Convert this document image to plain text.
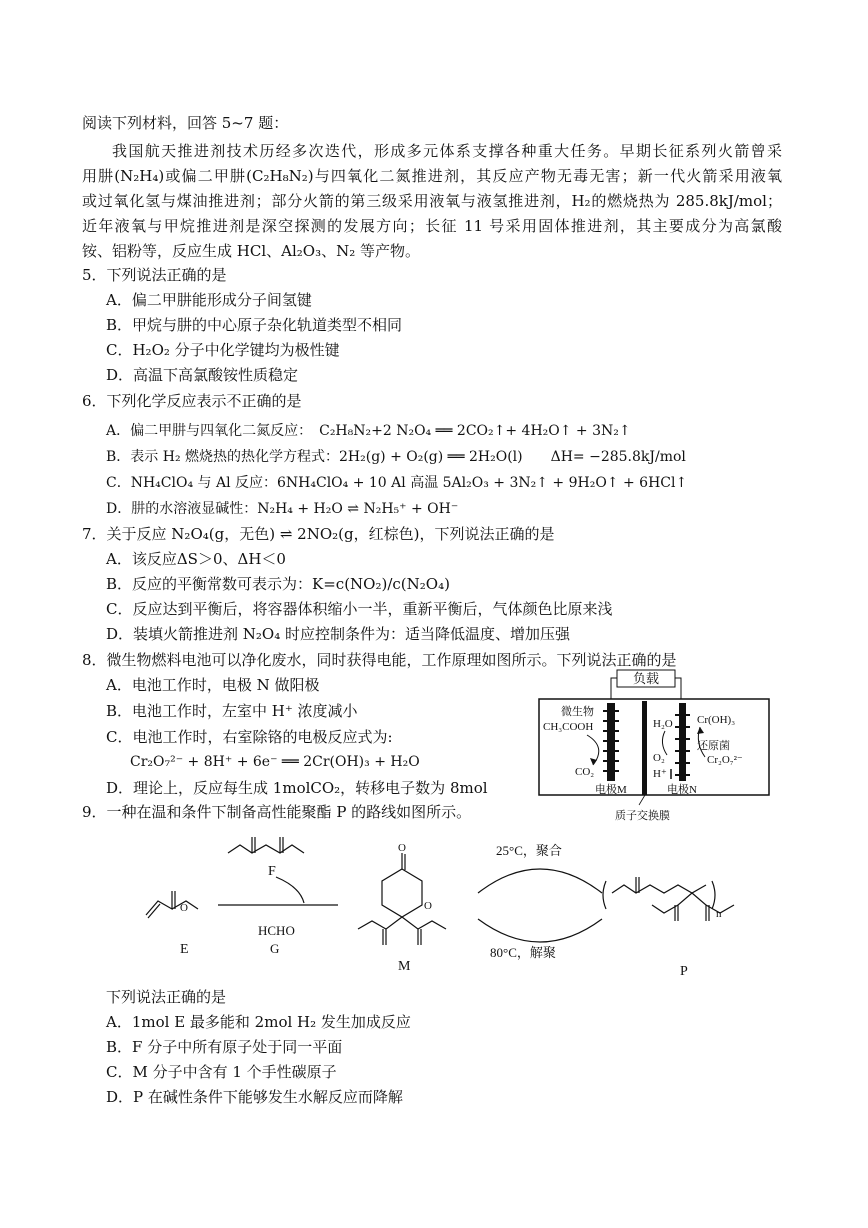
阅读下列材料，回答 5~7 题：
我国航天推进剂技术历经多次迭代，形成多元体系支撑各种重大任务。早期长征系列火箭曾采
用肼(N₂H₄)或偏二甲肼(C₂H₈N₂)与四氧化二氮推进剂，其反应产物无毒无害；新一代火箭采用液氧
或过氧化氢与煤油推进剂；部分火箭的第三级采用液氧与液氢推进剂，H₂的燃烧热为 285.8kJ/mol；
近年液氧与甲烷推进剂是深空探测的发展方向；长征 11 号采用固体推进剂，其主要成分为高氯酸
铵、铝粉等，反应生成 HCl、Al₂O₃、N₂ 等产物。
5．下列说法正确的是
A．偏二甲肼能形成分子间氢键
B．甲烷与肼的中心原子杂化轨道类型不相同
C．H₂O₂ 分子中化学键均为极性键
D．高温下高氯酸铵性质稳定
6．下列化学反应表示不正确的是
A．偏二甲肼与四氧化二氮反应：　C₂H₈N₂+2 N₂O₄ ══ 2CO₂↑+ 4H₂O↑ + 3N₂↑
B．表示 H₂ 燃烧热的热化学方程式：2H₂(g) + O₂(g) ══ 2H₂O(l)　　ΔH= −285.8kJ/mol
C．NH₄ClO₄ 与 Al 反应：6NH₄ClO₄ + 10 Al 高温 5Al₂O₃ + 3N₂↑ + 9H₂O↑ + 6HCl↑
D．肼的水溶液显碱性：N₂H₄ + H₂O ⇌ N₂H₅⁺ + OH⁻
7．关于反应 N₂O₄(g，无色) ⇌ 2NO₂(g，红棕色)，下列说法正确的是
A．该反应ΔS＞0、ΔH＜0
B．反应的平衡常数可表示为：K=c(NO₂)/c(N₂O₄)
C．反应达到平衡后，将容器体积缩小一半，重新平衡后，气体颜色比原来浅
D．装填火箭推进剂 N₂O₄ 时应控制条件为：适当降低温度、增加压强
8．微生物燃料电池可以净化废水，同时获得电能，工作原理如图所示。下列说法正确的是
A．电池工作时，电极 N 做阳极
B．电池工作时，左室中 H⁺ 浓度减小
C．电池工作时，右室除铬的电极反应式为:
Cr₂O₇²⁻ + 8H⁺ + 6e⁻ ══ 2Cr(OH)₃ + H₂O
D．理论上，反应每生成 1molCO₂，转移电子数为 8mol
负载
微生物
CH₃COOH
CO₂
H₂O Cr(OH)₃
还原菌
Cr₂O₇²⁻
O₂
H⁺
电极M	电极N
质子交换膜
9．一种在温和条件下制备高性能聚酯 P 的路线如图所示。
O
E
F
HCHO
G
O
O
M
25°C，聚合
80°C，解聚
n
P
下列说法正确的是
A．1mol E 最多能和 2mol H₂ 发生加成反应
B．F 分子中所有原子处于同一平面
C．M 分子中含有 1 个手性碳原子
D．P 在碱性条件下能够发生水解反应而降解
